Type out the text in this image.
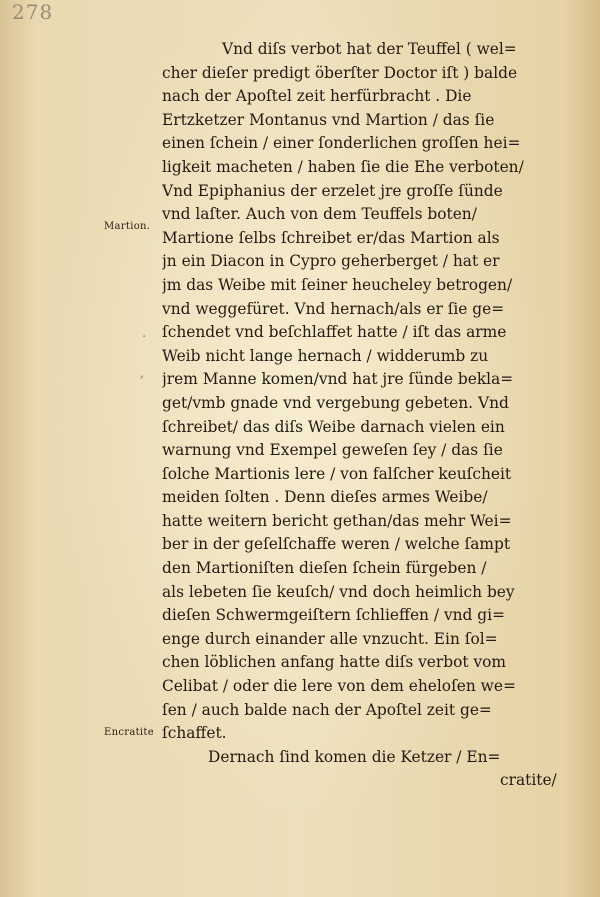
278
Martion.
Encratite
.
,
Vnd diſs verbot hat der Teuffel ( wel=
cher dieſer predigt öberſter Doctor iſt ) balde
nach der Apoſtel zeit herfürbracht . Die
Ertzketzer Montanus vnd Martion / das ſie
einen ſchein / einer ſonderlichen groſſen hei=
ligkeit macheten / haben ſie die Ehe verboten/
Vnd Epiphanius der erzelet jre groſſe ſünde
vnd laſter. Auch von dem Teuffels boten/
Martione ſelbs ſchreibet er/das Martion als
jn ein Diacon in Cypro geherberget / hat er
jm das Weibe mit ſeiner heucheley betrogen/
vnd weggefüret. Vnd hernach/als er ſie ge=
ſchendet vnd beſchlaffet hatte / iſt das arme
Weib nicht lange hernach / widderumb zu
jrem Manne komen/vnd hat jre ſünde bekla=
get/vmb gnade vnd vergebung gebeten. Vnd
ſchreibet/ das diſs Weibe darnach vielen ein
warnung vnd Exempel geweſen ſey / das ſie
ſolche Martionis lere / von falſcher keuſcheit
meiden ſolten . Denn dieſes armes Weibe/
hatte weitern bericht gethan/das mehr Wei=
ber in der geſelſchaffe weren / welche ſampt
den Martioniſten dieſen ſchein fürgeben /
als lebeten ſie keuſch/ vnd doch heimlich bey
dieſen Schwermgeiſtern ſchlieffen / vnd gi=
enge durch einander alle vnzucht. Ein ſol=
chen löblichen anfang hatte diſs verbot vom
Celibat / oder die lere von dem eheloſen we=
ſen / auch balde nach der Apoſtel zeit ge=
ſchaffet.
Dernach ſind komen die Ketzer / En=
cratite/
